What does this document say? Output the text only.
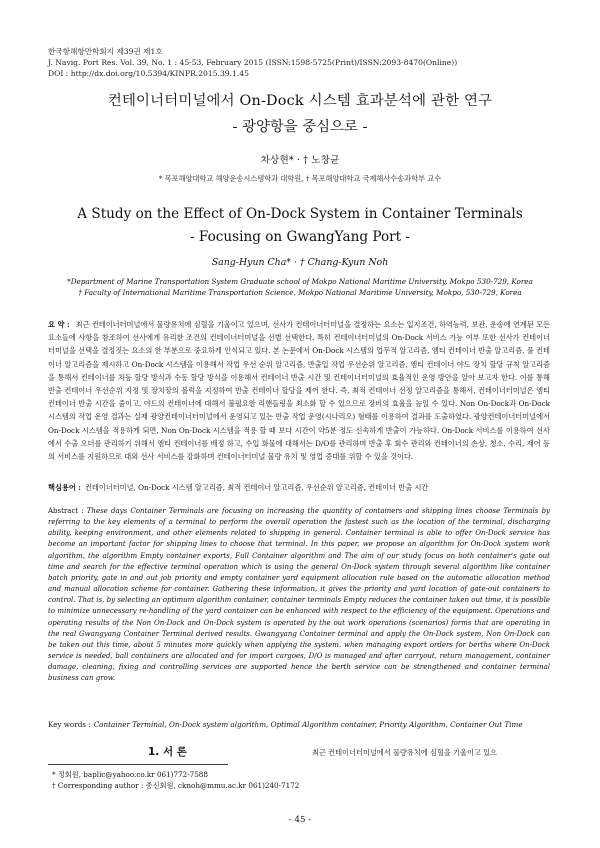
한국항해항만학회지 제39권 제1호
J. Navig. Port Res. Vol. 39, No. 1 : 45-53, February 2015 (ISSN:1598-5725(Print)/ISSN:2093-8470(Online))
DOI : http://dx.doi.org/10.5394/KINPR.2015.39.1.45
컨테이너터미널에서 On-Dock 시스템 효과분석에 관한 연구
- 광양항을 중심으로 -
차상현* · † 노창균
* 목포해양대학교 해양운송시스템학과 대학원, † 목포해양대학교 국제해사수송과학부 교수
A Study on the Effect of On-Dock System in Container Terminals
- Focusing on GwangYang Port -
Sang-Hyun Cha* · † Chang-Kyun Noh
*Department of Marine Transportation System Graduate school of Mokpo National Maritime University, Mokpo 530-729, Korea
† Faculty of International Maritime Transportation Science, Mokpo National Maritime University, Mokpo, 530-729, Korea
요 약 : 최근 컨테이너터미널에서 물량유치에 심혈을 기울이고 있으며, 선사가 컨테이너터미널을 결정하는 요소는 입지조건, 하역능력, 보관, 운송에 연계된 모든 요소들에 사항을 참조하여 선사에게 유리한 조건의 컨테이너터미널을 선별 선택한다. 특히 컨테이너터미널의 On-Dock 서비스 가능 여부 또한 선사가 컨테이너터미널을 선택을 결정짓는 요소의 한 부분으로 중요하게 인식되고 있다. 본 논문에서 On-Dock 시스템의 업무적 알고리즘, 엠티 컨테이너 반출 알고리즘, 풀 컨테이너 알고리즘을 제시하고 On-Dock 시스템을 이용해서 작업 우선 순위 알고리즘, 반출입 작업 우선순위 알고리즘, 엠티 컨테이너 야드 장치 할당 규칙 알고리즘을 통해서 컨테이너를 차등 할당 방식과 수동 할당 방식을 이용해서 컨테이너 반출 시간 및 컨테이너터미널의 효율적인 운영 방안을 알아 보고자 한다. 이를 통해 반출 컨테이너 우선순위 지정 및 장치장의 블럭을 지정하여 반출 컨테이너 할당을 제어 한다. 즉, 최적 컨테이너 선정 알고리즘을 통해서, 컨테이너터미널은 엠티 컨테이너 반출 시간을 줄이고, 야드의 컨테이너에 대해서 불필요한 리핸들링을 최소화 할 수 있으므로 장비의 효율을 높일 수 있다. Non On-Dock과 On-Dock 시스템의 작업 운영 결과는 실제 광양컨테이너터미널에서 운영되고 있는 반출 작업 운영(시나리오) 형태를 이용하여 결과를 도출하였다. 광양컨테이너터미널에서 On-Dock 시스템을 적용하게 되면, Non On-Dock 시스템을 적용 할 때 보다 시간이 약5분 정도 신속하게 반출이 가능하다. On-Dock 서비스를 이용하여 선사에서 수출 오더를 관리하기 위해서 엠티 컨테이너를 배정 하고, 수입 화물에 대해서는 D/O를 관리하며 반출 후 회수 관리와 컨테이너의 손상, 청소, 수리, 제어 등의 서비스를 지원하므로 대외 선사 서비스를 강화하며 컨테이너터미널 물량 유치 및 영업 증대를 위할 수 있을 것이다.
핵심용어 : 컨테이너터미널, On-Dock 시스템 알고리즘, 최적 컨테이너 알고리즘, 우선순위 알고리즘, 컨테이너 반출 시간
Abstract : These days Container Terminals are focusing on increasing the quantity of containers and shipping lines choose Terminals by referring to the key elements of a terminal to perform the overall operation the fastest such as the location of the terminal, discharging ability, keeping environment, and other elements related to shipping in general. Container terminal is able to offer On-Dock service has become an important factor for shipping lines to choose that terminal. In this paper, we propose an algorithm for On-Dock system work algorithm, the algorithm Empty container exports, Full Container algorithm and The aim of our study focus on both container's gate out time and search for the effective terminal operation which is using the general On-Dock system through several algorithm like container batch priority, gate in and out job priority and empty container yard equipment allocation rule based on the automatic allocation method and manual allocation scheme for container. Gathering these information, it gives the priority and yard location of gate-out containers to control. That is, by selecting an optimum algorithm container, container terminals Empty reduces the container taken out time, it is possible to minimize unnecessary re-handling of the yard container can be enhanced with respect to the efficiency of the equipment. Operations and operating results of the Non On-Dock and On-Dock system is operated by the out work operations (scenarios) forms that are operating in the real Gwangyang Container Terminal derived results. Gwangyang Container terminal and apply the On-Dock system, Non On-Dock can be taken out this time, about 5 minutes more quickly when applying the system. when managing export orders for berths where On-Dock service is needed, ball containers are allocated and for import cargoes, D/O is managed and after carryout, return management, container damage, cleaning, fixing and controlling services are supported hence the berth service can be strengthened and container terminal business can grow.
Key words : Container Terminal, On-Dock system algorithm, Optimal Algorithm container, Priority Algorithm, Container Out Time
1. 서 론	최근 컨테이너터미널에서 물량유치에 심혈을 기울이고 있으
* 정회원, baplic@yahoo.co.kr 061)772-7588
† Corresponding author : 종신회원, cknoh@mmu.ac.kr 061)240-7172
- 45 -
